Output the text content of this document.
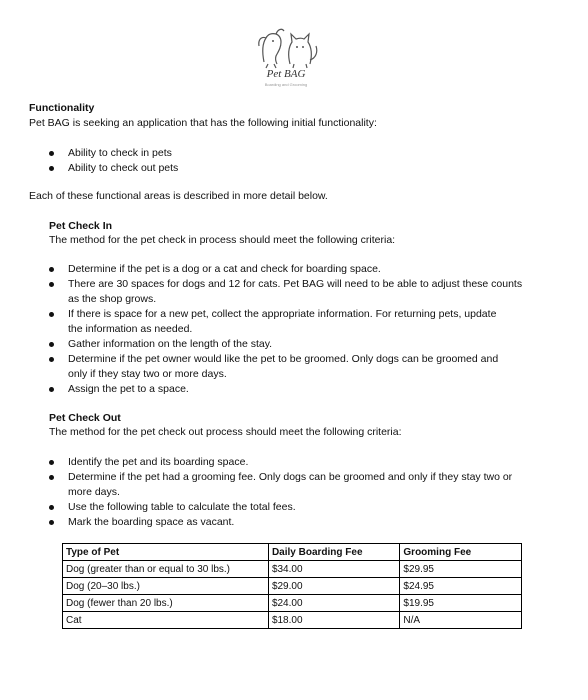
Pet BAG
Boarding and Grooming
Functionality
Pet BAG is seeking an application that has the following initial functionality:
Ability to check in pets
Ability to check out pets
Each of these functional areas is described in more detail below.
Pet Check In
The method for the pet check in process should meet the following criteria:
Determine if the pet is a dog or a cat and check for boarding space.
There are 30 spaces for dogs and 12 for cats. Pet BAG will need to be able to adjust these counts
as the shop grows.
If there is space for a new pet, collect the appropriate information. For returning pets, update
the information as needed.
Gather information on the length of the stay.
Determine if the pet owner would like the pet to be groomed. Only dogs can be groomed and
only if they stay two or more days.
Assign the pet to a space.
Pet Check Out
The method for the pet check out process should meet the following criteria:
Identify the pet and its boarding space.
Determine if the pet had a grooming fee. Only dogs can be groomed and only if they stay two or
more days.
Use the following table to calculate the total fees.
Mark the boarding space as vacant.
Type of Pet	Daily Boarding Fee	Grooming Fee
Dog (greater than or equal to 30 lbs.)	$34.00	$29.95
Dog (20–30 lbs.)	$29.00	$24.95
Dog (fewer than 20 lbs.)	$24.00	$19.95
Cat	$18.00	N/A
